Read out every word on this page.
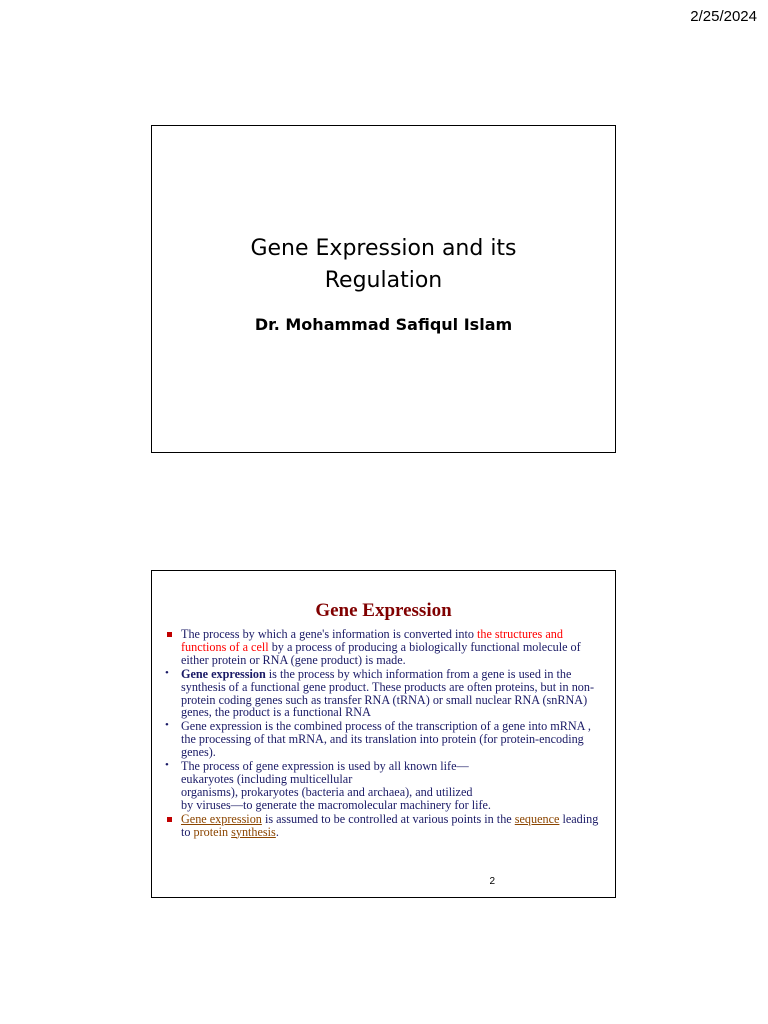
2/25/2024
Gene Expression and its
Regulation
Dr. Mohammad Safiqul Islam
Gene Expression
The process by which a gene's information is converted into the structures and functions of a cell by a process of producing a biologically functional molecule of either protein or RNA (gene product) is made.
Gene expression is the process by which information from a gene is used in the synthesis of a functional gene product. These products are often proteins, but in non-protein coding genes such as transfer RNA (tRNA) or small nuclear RNA (snRNA) genes, the product is a functional RNA
Gene expression is the combined process of the transcription of a gene into mRNA , the processing of that mRNA, and its translation into protein (for protein-encoding genes).
The process of gene expression is used by all known life—
eukaryotes (including multicellular
organisms), prokaryotes (bacteria and archaea), and utilized
by viruses—to generate the macromolecular machinery for life.
Gene expression is assumed to be controlled at various points in the sequence leading to protein synthesis.
2
